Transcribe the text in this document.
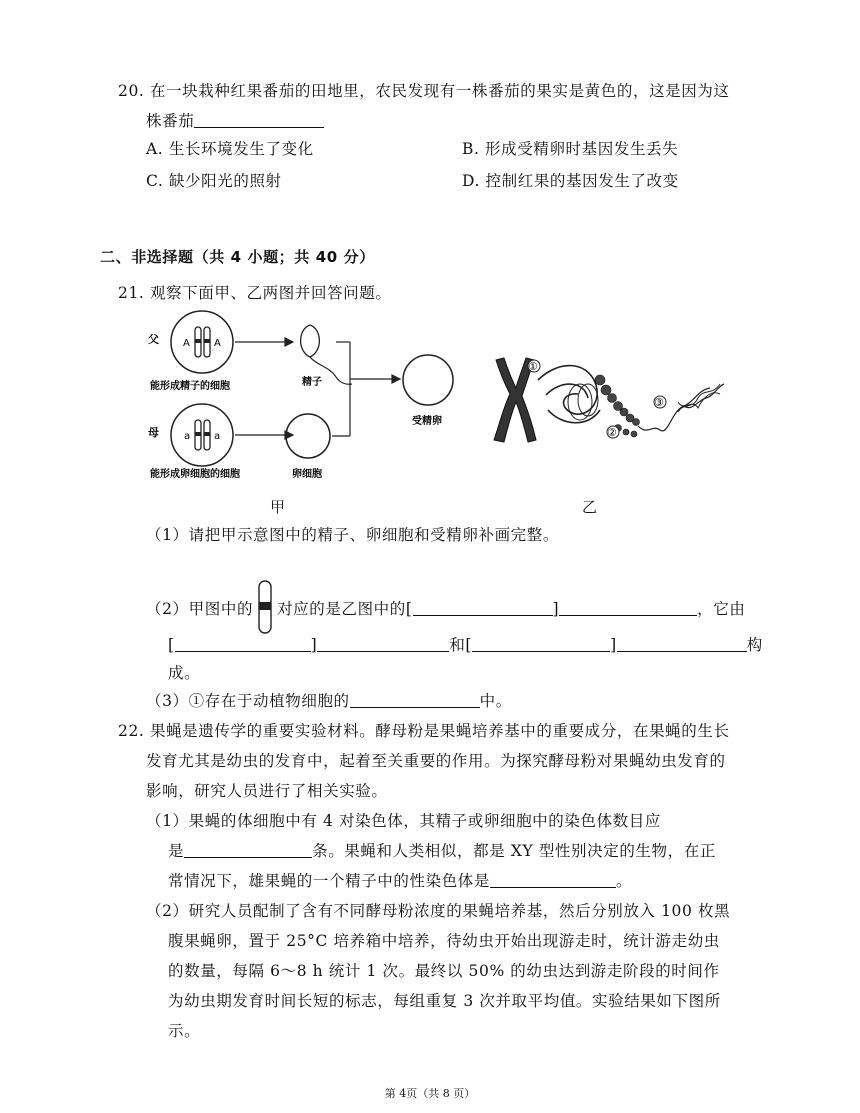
20. 在一块栽种红果番茄的田地里，农民发现有一株番茄的果实是黄色的，这是因为这
株番茄
A. 生长环境发生了变化	B. 形成受精卵时基因发生丢失
C. 缺少阳光的照射	D. 控制红果的基因发生了改变
二、非选择题（共 4 小题；共 40 分）
21. 观察下面甲、乙两图并回答问题。
父 A A
能形成精子的细胞
母	a a
能形成卵细胞的细胞
精子
卵细胞
受精卵
甲
①
②
③
乙
（1）请把甲示意图中的精子、卵细胞和受精卵补画完整。
（2）甲图中的 对应的是乙图中的[	]	，它由
[	]	和[	]	构
成。
（3）①存在于动植物细胞的	中。
22. 果蝇是遗传学的重要实验材料。酵母粉是果蝇培养基中的重要成分，在果蝇的生长
发育尤其是幼虫的发育中，起着至关重要的作用。为探究酵母粉对果蝇幼虫发育的
影响，研究人员进行了相关实验。
（1）果蝇的体细胞中有 4 对染色体，其精子或卵细胞中的染色体数目应
是	条。果蝇和人类相似，都是 XY 型性别决定的生物，在正
常情况下，雄果蝇的一个精子中的性染色体是	。
（2）研究人员配制了含有不同酵母粉浓度的果蝇培养基，然后分别放入 100 枚黑
腹果蝇卵，置于 25°C 培养箱中培养，待幼虫开始出现游走时，统计游走幼虫
的数量，每隔 6～8 h 统计 1 次。最终以 50% 的幼虫达到游走阶段的时间作
为幼虫期发育时间长短的标志，每组重复 3 次并取平均值。实验结果如下图所
示。
第 4页（共 8 页）
